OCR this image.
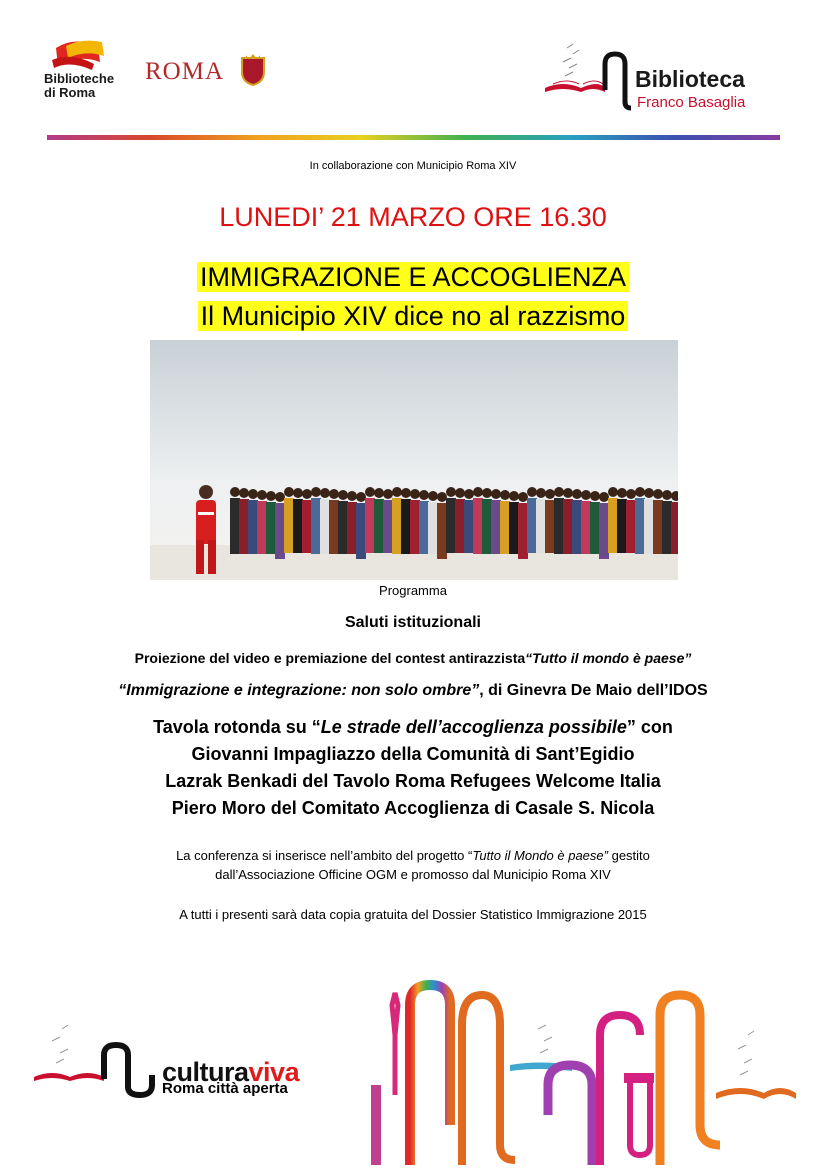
Biblioteche
di Roma
ROMA	Biblioteca
Franco Basaglia
In collaborazione con Municipio Roma XIV
LUNEDI’ 21 MARZO ORE 16.30
IMMIGRAZIONE E ACCOGLIENZA
Il Municipio XIV dice no al razzismo
Programma
Saluti istituzionali
Proiezione del video e premiazione del contest antirazzista“Tutto il mondo è paese”
“Immigrazione e integrazione: non solo ombre”, di Ginevra De Maio dell’IDOS
Tavola rotonda su “Le strade dell’accoglienza possibile” con
Giovanni Impagliazzo della Comunità di Sant’Egidio
Lazrak Benkadi del Tavolo Roma Refugees Welcome Italia
Piero Moro del Comitato Accoglienza di Casale S. Nicola
La conferenza si inserisce nell’ambito del progetto “Tutto il Mondo è paese” gestito
dall’Associazione Officine OGM e promosso dal Municipio Roma XIV
A tutti i presenti sarà data copia gratuita del Dossier Statistico Immigrazione 2015
culturaviva
Roma città aperta
